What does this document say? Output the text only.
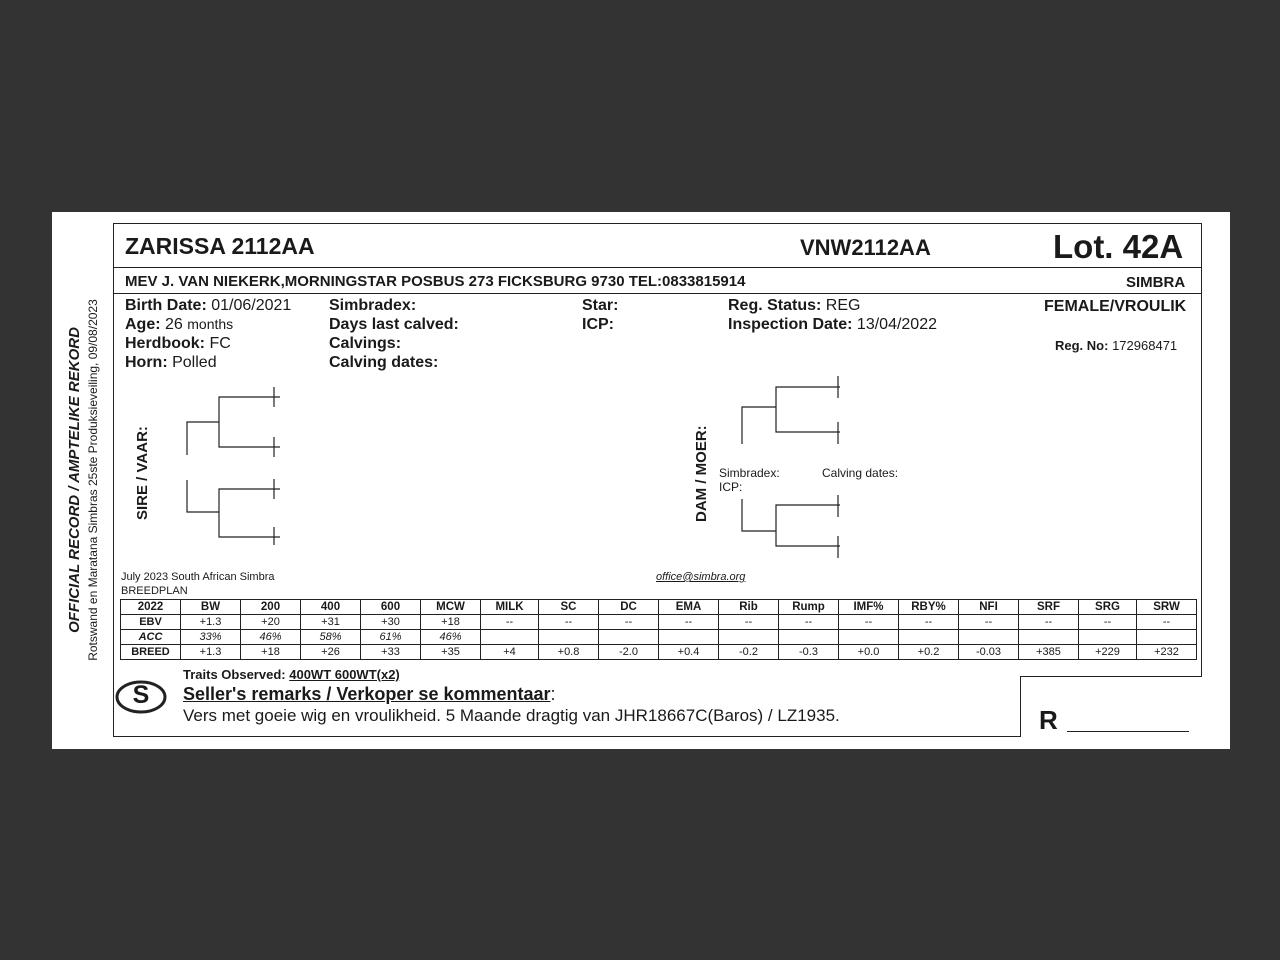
OFFICIAL RECORD / AMPTELIKE REKORD Rotswand en Maratana Simbras 25ste Produksieveiling, 09/08/2023
ZARISSA 2112AA	VNW2112AA	Lot. 42A
MEV J. VAN NIEKERK,MORNINGSTAR POSBUS 273 FICKSBURG 9730 TEL:0833815914	SIMBRA
Birth Date: 01/06/2021
Age: 26 months
Herdbook: FC
Horn: Polled
Simbradex:
Days last calved:
Calvings:
Calving dates:
Star:
ICP:
Reg. Status: REG
Inspection Date: 13/04/2022
FEMALE/VROULIK
Reg. No: 172968471
SIRE / VAAR:	DAM / MOER: Simbradex:
ICP:
Calving dates:
July 2023 South African Simbra
BREEDPLAN
office@simbra.org
2022	BW	200	400	600	MCW	MILK	SC	DC	EMA	Rib	Rump	IMF%	RBY%	NFI	SRF	SRG	SRW
EBV	+1.3	+20	+31	+30	+18	--	--	--	--	--	--	--	--	--	--	--	--
ACC	33%	46%	58%	61%	46%												
BREED	+1.3	+18	+26	+33	+35	+4	+0.8	-2.0	+0.4	-0.2	-0.3	+0.0	+0.2	-0.03	+385	+229	+232
Traits Observed: 400WT 600WT(x2)
S	Seller's remarks / Verkoper se kommentaar:
Vers met goeie wig en vroulikheid. 5 Maande dragtig van JHR18667C(Baros) / LZ1935.	R
